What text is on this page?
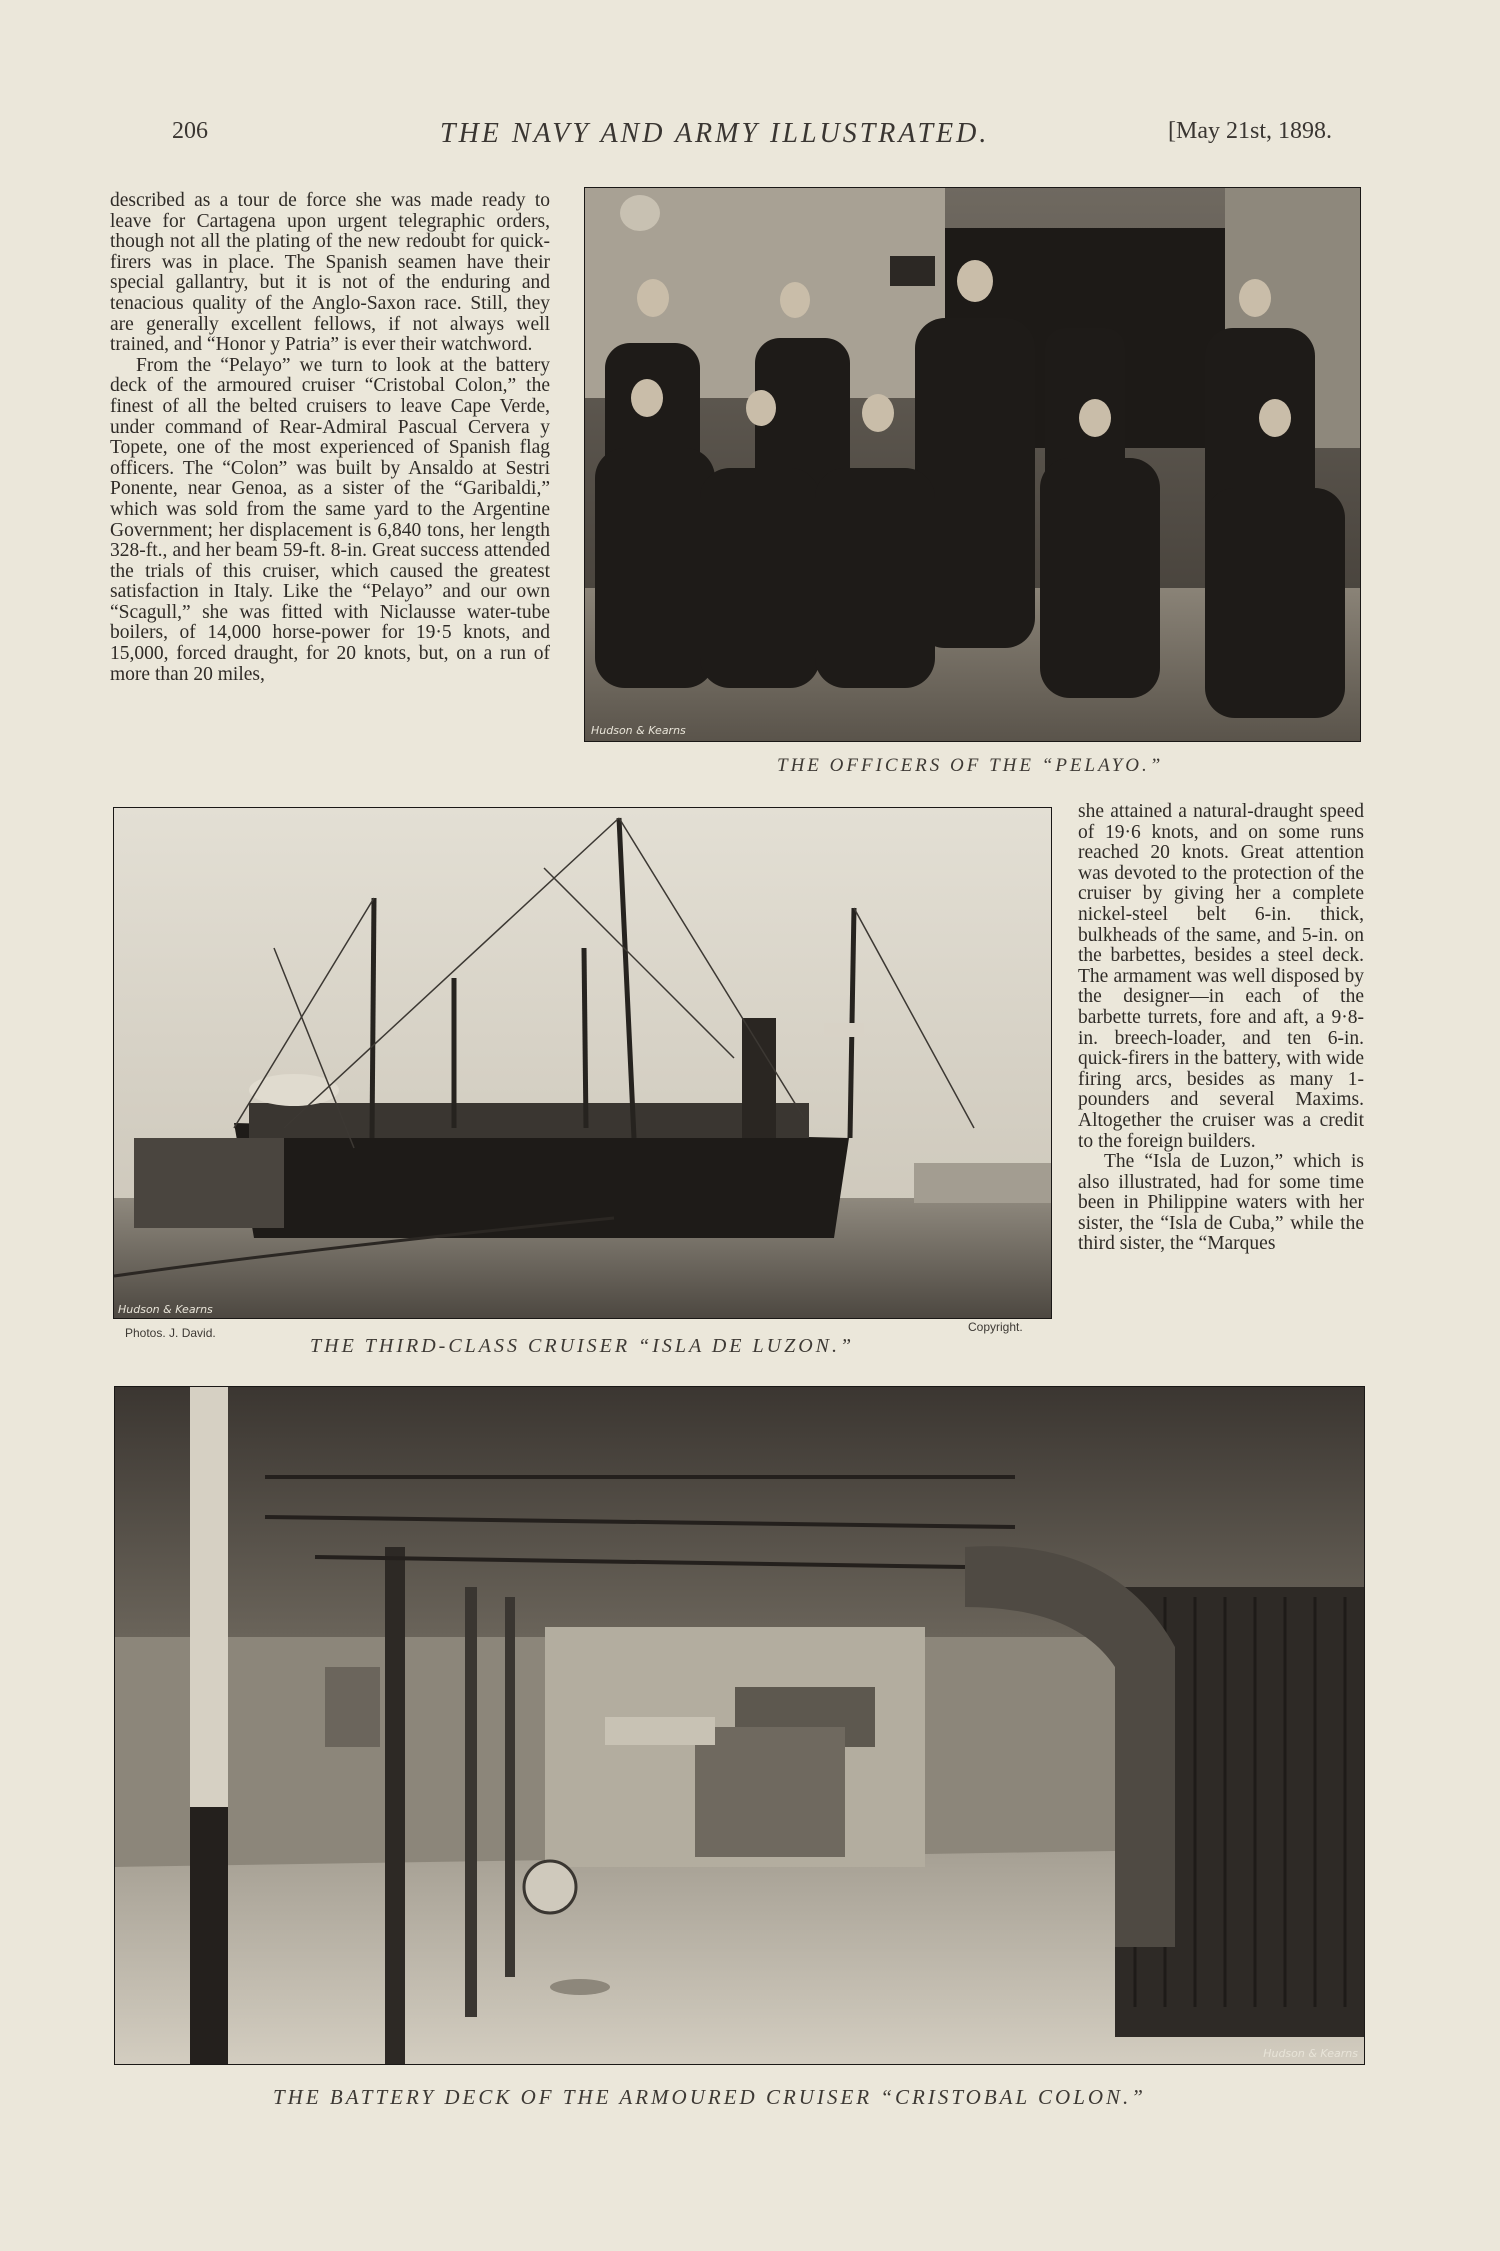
206	THE NAVY AND ARMY ILLUSTRATED.	[May 21st, 1898.

described as a tour de force she was made ready to leave for Cartagena upon urgent telegraphic orders, though not all the plating of the new redoubt for quick-firers was in place. The Spanish seamen have their special gallantry, but it is not of the enduring and tenacious quality of the Anglo-Saxon race. Still, they are generally excellent fellows, if not always well trained, and “Honor y Patria” is ever their watchword.

From the “Pelayo” we turn to look at the battery deck of the armoured cruiser “Cristobal Colon,” the finest of all the belted cruisers to leave Cape Verde, under command of Rear-Admiral Pascual Cervera y Topete, one of the most experienced of Spanish flag officers. The “Colon” was built by Ansaldo at Sestri Ponente, near Genoa, as a sister of the “Garibaldi,” which was sold from the same yard to the Argentine Government; her displacement is 6,840 tons, her length 328-ft., and her beam 59-ft. 8-in. Great success attended the trials of this cruiser, which caused the greatest satisfaction in Italy. Like the “Pelayo” and our own “Scagull,” she was fitted with Niclausse water-tube boilers, of 14,000 horse-power for 19·5 knots, and 15,000, forced draught, for 20 knots, but, on a run of more than 20 miles,

Hudson & Kearns
THE OFFICERS OF THE “PELAYO.”
Hudson & Kearns
Photos. J. David.	Copyright.
THE THIRD-CLASS CRUISER “ISLA DE LUZON.”

she attained a natural-draught speed of 19·6 knots, and on some runs reached 20 knots. Great attention was devoted to the protection of the cruiser by giving her a complete nickel-steel belt 6-in. thick, bulkheads of the same, and 5-in. on the barbettes, besides a steel deck. The armament was well disposed by the designer—in each of the barbette turrets, fore and aft, a 9·8-in. breech-loader, and ten 6-in. quick-firers in the battery, with wide firing arcs, besides as many 1-pounders and several Maxims. Altogether the cruiser was a credit to the foreign builders.

The “Isla de Luzon,” which is also illustrated, had for some time been in Philippine waters with her sister, the “Isla de Cuba,” while the third sister, the “Marques

Hudson & Kearns
THE BATTERY DECK OF THE ARMOURED CRUISER “CRISTOBAL COLON.”
